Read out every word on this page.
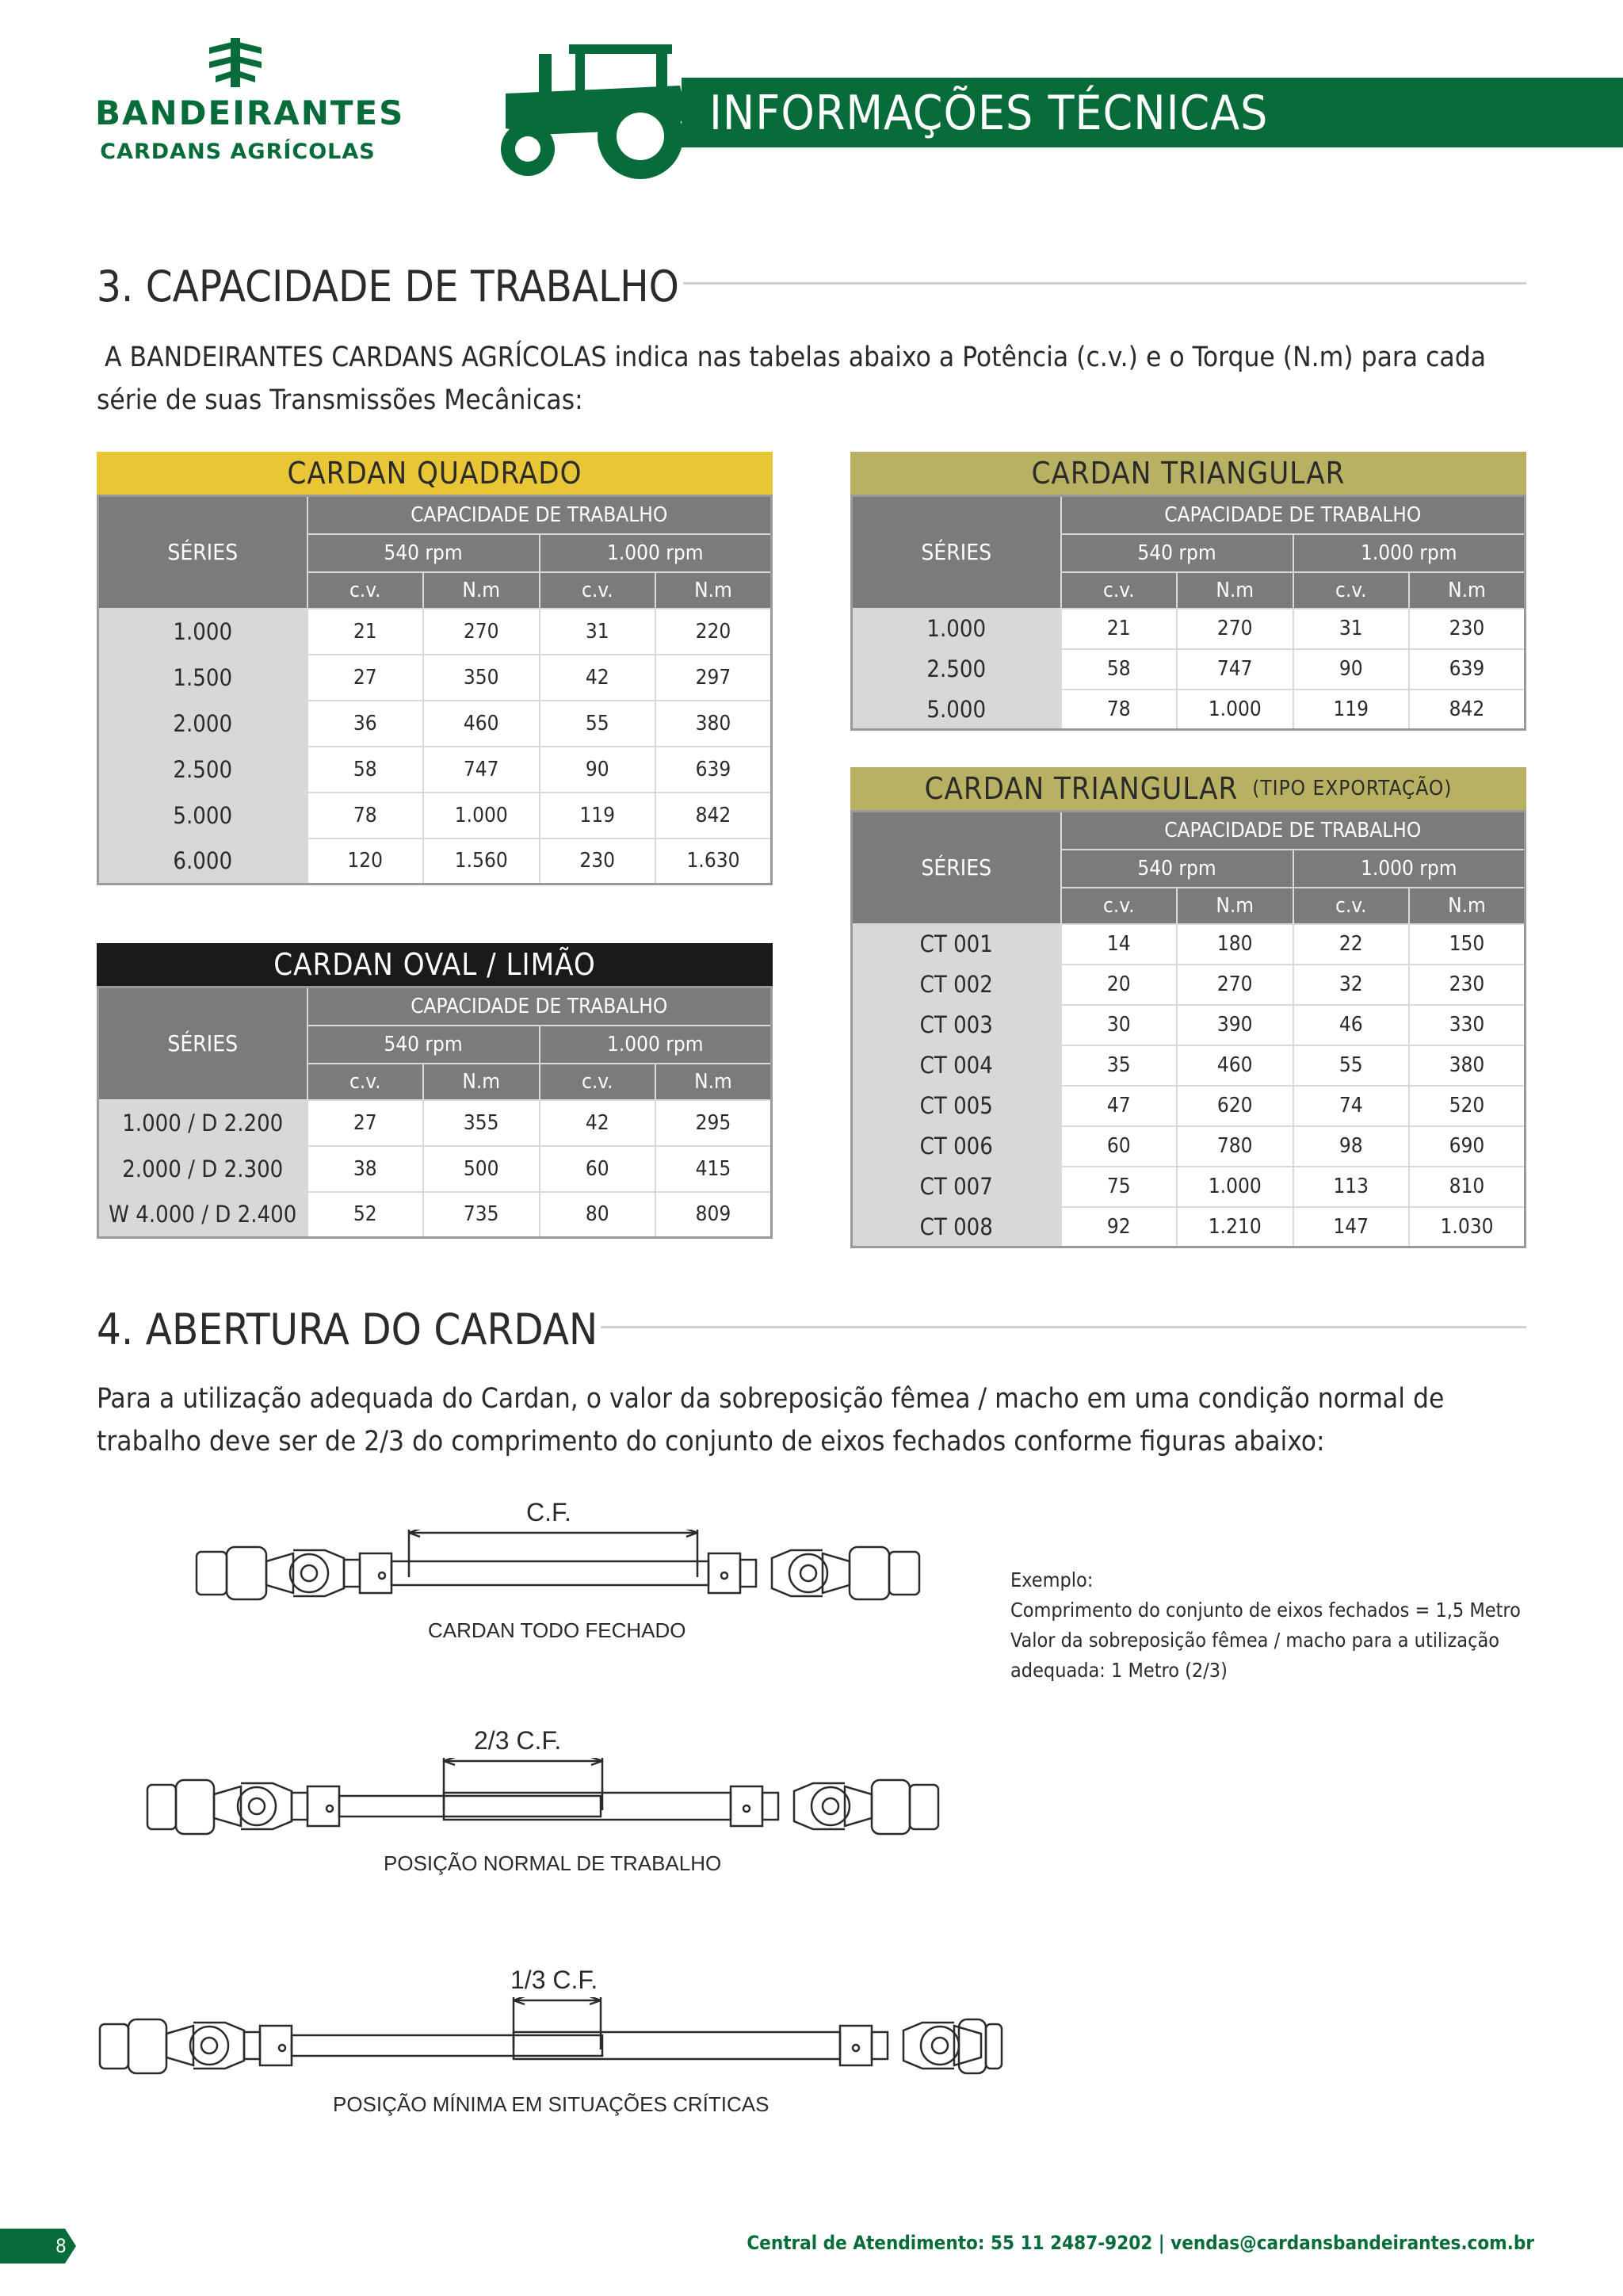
BANDEIRANTES
CARDANS AGRÍCOLAS
INFORMAÇÕES TÉCNICAS
3. CAPACIDADE DE TRABALHO
A BANDEIRANTES CARDANS AGRÍCOLAS indica nas tabelas abaixo a Potência (c.v.) e o Torque (N.m) para cada série de suas Transmissões Mecânicas:
CARDAN QUADRADO
SÉRIES	CAPACIDADE DE TRABALHO			
	540 rpm		1.000 rpm	
	c.v.	N.m	c.v.	N.m
1.000	21	270	31	220
1.500	27	350	42	297
2.000	36	460	55	380
2.500	58	747	90	639
5.000	78	1.000	119	842
6.000	120	1.560	230	1.630
CARDAN OVAL / LIMÃO
SÉRIES	CAPACIDADE DE TRABALHO			
	540 rpm		1.000 rpm	
	c.v.	N.m	c.v.	N.m
1.000 / D 2.200	27	355	42	295
2.000 / D 2.300	38	500	60	415
W 4.000 / D 2.400	52	735	80	809
CARDAN TRIANGULAR
SÉRIES	CAPACIDADE DE TRABALHO			
	540 rpm		1.000 rpm	
	c.v.	N.m	c.v.	N.m
1.000	21	270	31	230
2.500	58	747	90	639
5.000	78	1.000	119	842
CARDAN TRIANGULAR (TIPO EXPORTAÇÃO)
SÉRIES	CAPACIDADE DE TRABALHO			
	540 rpm		1.000 rpm	
	c.v.	N.m	c.v.	N.m
CT 001	14	180	22	150
CT 002	20	270	32	230
CT 003	30	390	46	330
CT 004	35	460	55	380
CT 005	47	620	74	520
CT 006	60	780	98	690
CT 007	75	1.000	113	810
CT 008	92	1.210	147	1.030
4. ABERTURA DO CARDAN
Para a utilização adequada do Cardan, o valor da sobreposição fêmea / macho em uma condição normal de trabalho deve ser de 2/3 do comprimento do conjunto de eixos fechados conforme figuras abaixo:
C.F.
CARDAN TODO FECHADO
Exemplo:
Comprimento do conjunto de eixos fechados = 1,5 Metro
Valor da sobreposição fêmea / macho para a utilização
adequada: 1 Metro (2/3)
2/3 C.F.
POSIÇÃO NORMAL DE TRABALHO
1/3 C.F.
POSIÇÃO MÍNIMA EM SITUAÇÕES CRÍTICAS
8	Central de Atendimento: 55 11 2487-9202 | vendas@cardansbandeirantes.com.br
